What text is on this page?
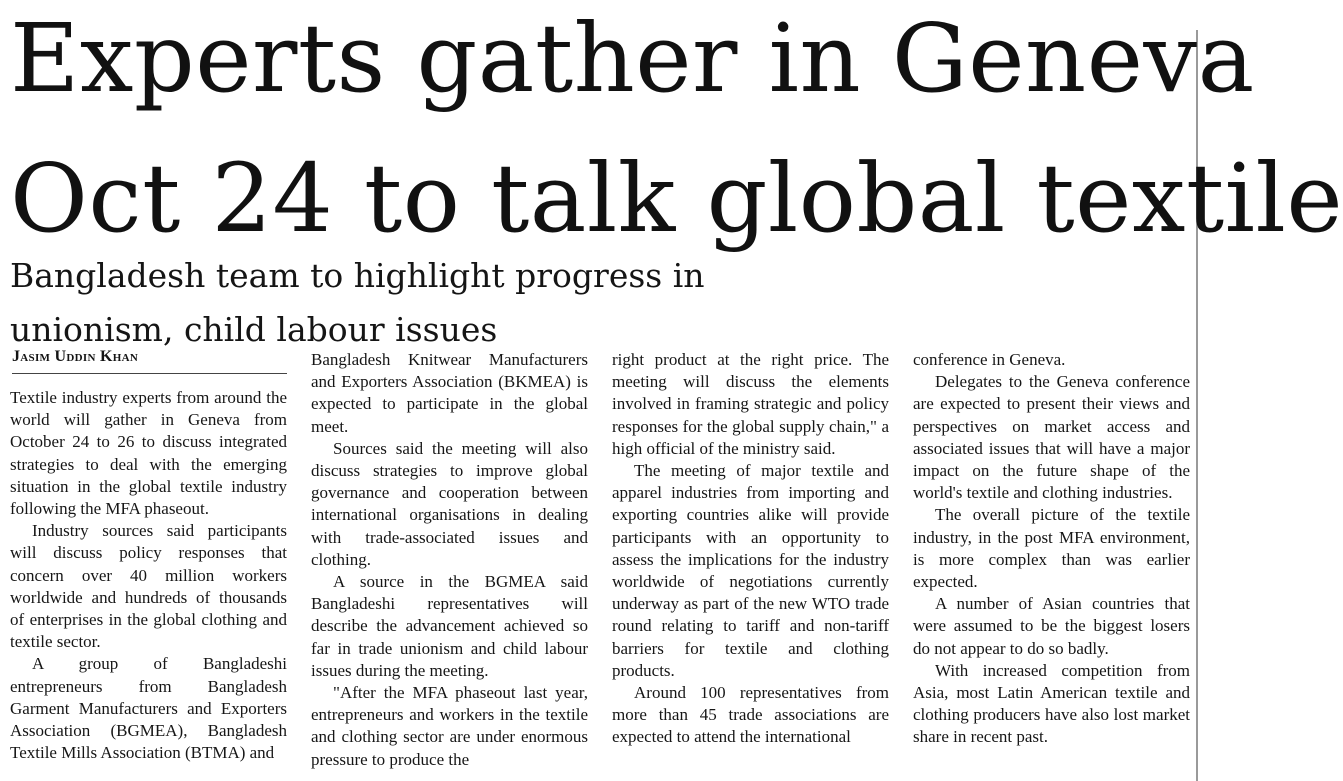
Experts gather in Geneva
Oct 24 to talk global textile
Bangladesh team to highlight progress in
unionism, child labour issues
Jasim Uddin Khan

Textile industry experts from around the world will gather in Geneva from October 24 to 26 to discuss integrated strategies to deal with the emerging situation in the global textile industry following the MFA phaseout.

Industry sources said participants will discuss policy responses that concern over 40 million workers worldwide and hundreds of thousands of enterprises in the global clothing and textile sector.

A group of Bangladeshi entrepreneurs from Bangladesh Garment Manufacturers and Exporters Association (BGMEA), Bangladesh Textile Mills Association (BTMA) and

Bangladesh Knitwear Manufacturers and Exporters Association (BKMEA) is expected to participate in the global meet.

Sources said the meeting will also discuss strategies to improve global governance and cooperation between international organisations in dealing with trade-associated issues and clothing.

A source in the BGMEA said Bangladeshi representatives will describe the advancement achieved so far in trade unionism and child labour issues during the meeting.

"After the MFA phaseout last year, entrepreneurs and workers in the textile and clothing sector are under enormous pressure to produce the

right product at the right price. The meeting will discuss the elements involved in framing strategic and policy responses for the global supply chain," a high official of the ministry said.

The meeting of major textile and apparel industries from importing and exporting countries alike will provide participants with an opportunity to assess the implications for the industry worldwide of negotiations currently underway as part of the new WTO trade round relating to tariff and non-tariff barriers for textile and clothing products.

Around 100 representatives from more than 45 trade associations are expected to attend the international

conference in Geneva.

Delegates to the Geneva conference are expected to present their views and perspectives on market access and associated issues that will have a major impact on the future shape of the world's textile and clothing industries.

The overall picture of the textile industry, in the post MFA environment, is more complex than was earlier expected.

A number of Asian countries that were assumed to be the biggest losers do not appear to do so badly.

With increased competition from Asia, most Latin American textile and clothing producers have also lost market share in recent past.
